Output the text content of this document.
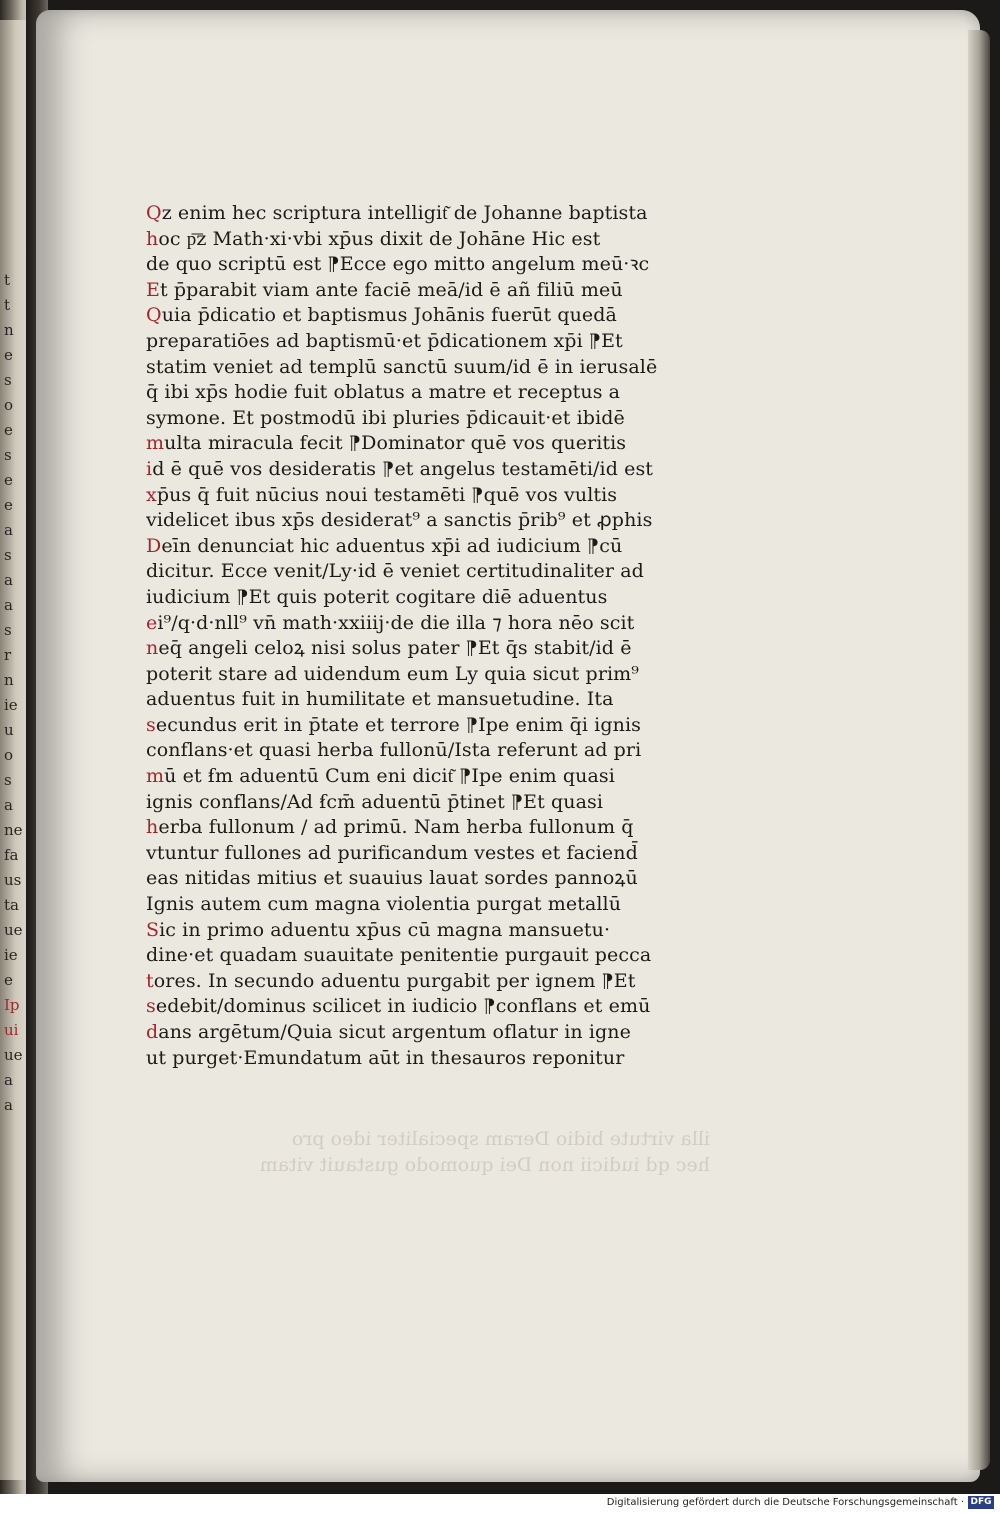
t
t
n
e
s
o
e
s
e
e
a
s
a
a
s
r
n
ie
u
o
s
a
ne
fa
us
ta
ue
ie
e
Ip
ui
ue
a
a
illa virtute bidio Deram specialiter ideo pro
hec qd iudicii non Dei quomodo gustauit vitam
Qz enim hec scriptura intelligit͂ de Johanne baptista
hoc p͞z Math·xi·vbi xp̄us dixit de Johāne Hic est
de quo scriptū est ⁋Ecce ego mitto angelum meū·ꝛc
Et p̄parabit viam ante faciē meā/id ē añ filiū meū
Quia p̄dicatio et baptismus Johānis fuerūt quedā
preparatiōes ad baptismū·et p̄dicationem xp̄i ⁋Et
statim veniet ad templū sanctū suum/id ē in ierusalē
q̄ ibi xp̄s hodie fuit oblatus a matre et receptus a
symone. Et postmodū ibi pluries p̄dicauit·et ibidē
multa miracula fecit ⁋Dominator quē vos queritis
id ē quē vos desideratis ⁋et angelus testamēti/id est
xp̄us q̄ fuit nūcius noui testamēti ⁋quē vos vultis
videlicet ibus xp̄s desiderat⁹ a sanctis p̄rib⁹ et ꝓphis
Deīn denunciat hic aduentus xp̄i ad iudicium ⁋cū
dicitur. Ecce venit/Ly·id ē veniet certitudinaliter ad
iudicium ⁋Et quis poterit cogitare diē aduentus
ei⁹/q·d·nll⁹ vn̄ math·xxiiij·de die illa ⁊ hora nēo scit
neq̄ angeli celoꝝ nisi solus pater ⁋Et q̄s stabit/id ē
poterit stare ad uidendum eum Ly quia sicut prim⁹
aduentus fuit in humilitate et mansuetudine. Ita
secundus erit in p̄tate et terrore ⁋Ipe enim q̄i ignis
conflans·et quasi herba fullonū/Ista referunt ad pri
mū et ẜm aduentū Cum eni dicit͂ ⁋Ipe enim quasi
ignis conflans/Ad ẜcm̄ aduentū p̄tinet ⁋Et quasi
herba fullonum / ad primū. Nam herba fullonum q̄
vtuntur fullones ad purificandum vestes et faciend̄
eas nitidas mitius et suauius lauat sordes pannoꝝū
Ignis autem cum magna violentia purgat metallū
Sic in primo aduentu xp̄us cū magna mansuetu·
dine·et quadam suauitate penitentie purgauit pecca
tores. In secundo aduentu purgabit per ignem ⁋Et
sedebit/dominus scilicet in iudicio ⁋conflans et emū
dans argētum/Quia sicut argentum oflatur in igne
ut purget·Emundatum aūt in thesauros reponitur
Digitalisierung gefördert durch die Deutsche Forschungsgemeinschaft · DFG
